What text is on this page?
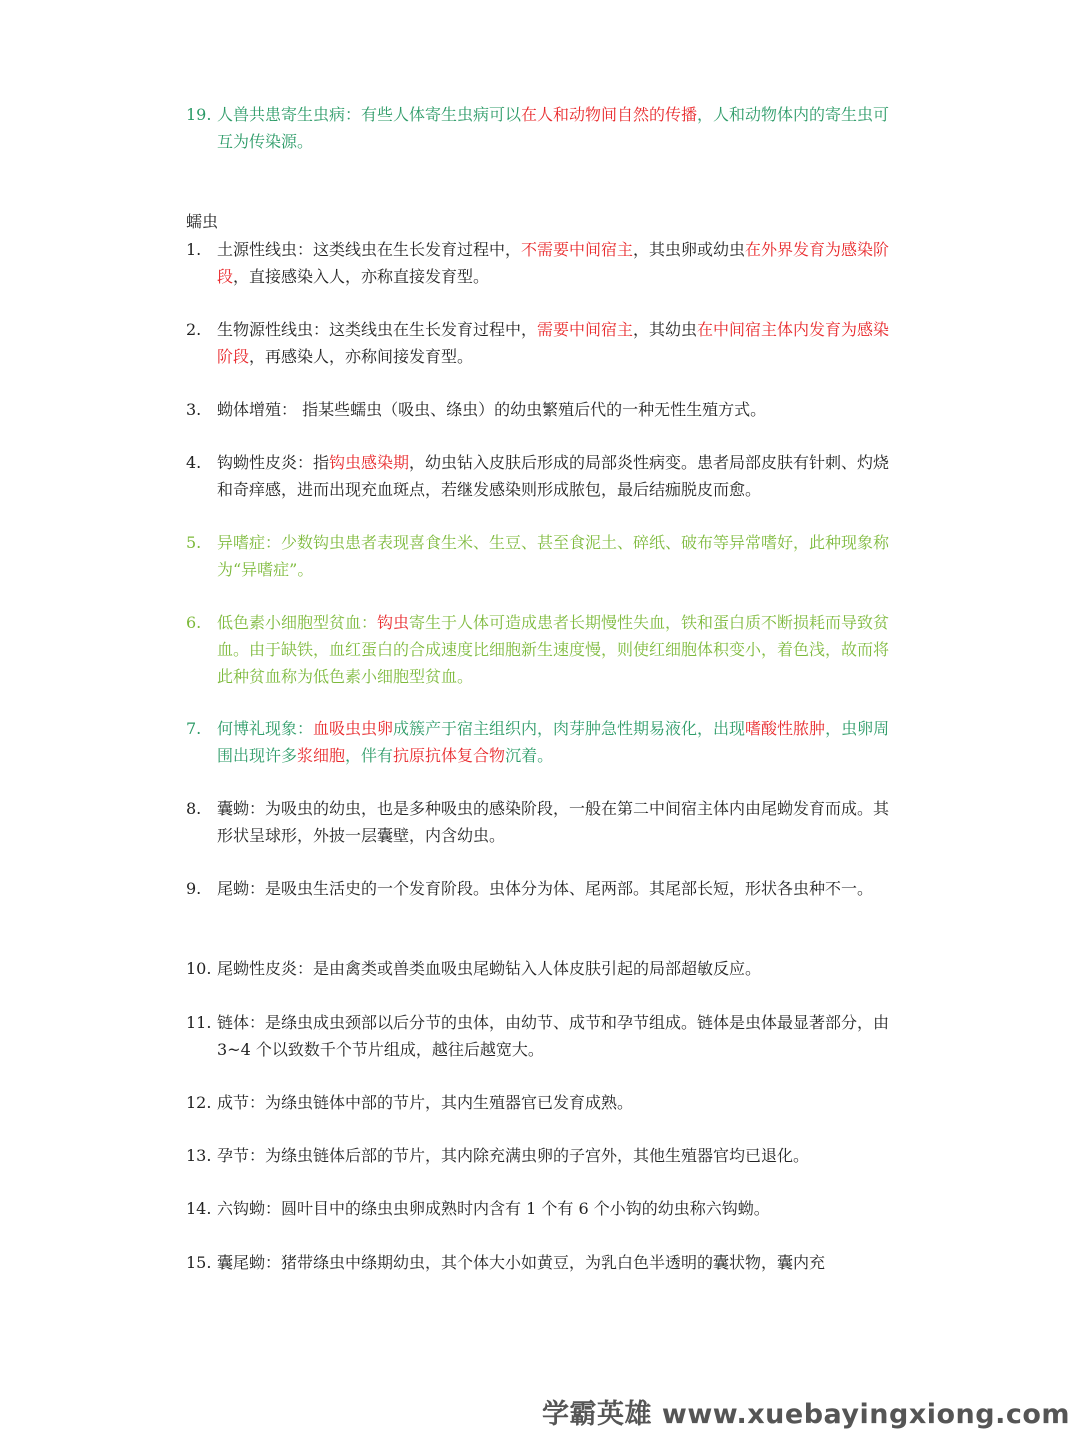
19. 人兽共患寄生虫病：有些人体寄生虫病可以在人和动物间自然的传播，人和动物体内的寄生虫可互为传染源。
蠕虫
1. 土源性线虫：这类线虫在生长发育过程中，不需要中间宿主，其虫卵或幼虫在外界发育为感染阶段，直接感染入人，亦称直接发育型。
2. 生物源性线虫：这类线虫在生长发育过程中，需要中间宿主，其幼虫在中间宿主体内发育为感染阶段，再感染人，亦称间接发育型。
3. 蚴体增殖： 指某些蠕虫（吸虫、绦虫）的幼虫繁殖后代的一种无性生殖方式。
4. 钩蚴性皮炎：指钩虫感染期，幼虫钻入皮肤后形成的局部炎性病变。患者局部皮肤有针刺、灼烧和奇痒感，进而出现充血斑点，若继发感染则形成脓包，最后结痂脱皮而愈。
5. 异嗜症：少数钩虫患者表现喜食生米、生豆、甚至食泥土、碎纸、破布等异常嗜好，此种现象称为“异嗜症”。
6. 低色素小细胞型贫血：钩虫寄生于人体可造成患者长期慢性失血，铁和蛋白质不断损耗而导致贫血。由于缺铁，血红蛋白的合成速度比细胞新生速度慢，则使红细胞体积变小，着色浅，故而将此种贫血称为低色素小细胞型贫血。
7. 何博礼现象：血吸虫虫卵成簇产于宿主组织内，肉芽肿急性期易液化，出现嗜酸性脓肿，虫卵周围出现许多浆细胞，伴有抗原抗体复合物沉着。
8. 囊蚴：为吸虫的幼虫，也是多种吸虫的感染阶段，一般在第二中间宿主体内由尾蚴发育而成。其形状呈球形，外披一层囊壁，内含幼虫。
9. 尾蚴：是吸虫生活史的一个发育阶段。虫体分为体、尾两部。其尾部长短，形状各虫种不一。
10. 尾蚴性皮炎：是由禽类或兽类血吸虫尾蚴钻入人体皮肤引起的局部超敏反应。
11. 链体：是绦虫成虫颈部以后分节的虫体，由幼节、成节和孕节组成。链体是虫体最显著部分，由 3~4 个以致数千个节片组成，越往后越宽大。
12. 成节：为绦虫链体中部的节片，其内生殖器官已发育成熟。
13. 孕节：为绦虫链体后部的节片，其内除充满虫卵的子宫外，其他生殖器官均已退化。
14. 六钩蚴：圆叶目中的绦虫虫卵成熟时内含有 1 个有 6 个小钩的幼虫称六钩蚴。
15. 囊尾蚴：猪带绦虫中绦期幼虫，其个体大小如黄豆，为乳白色半透明的囊状物，囊内充
学霸英雄 www.xuebayingxiong.com
